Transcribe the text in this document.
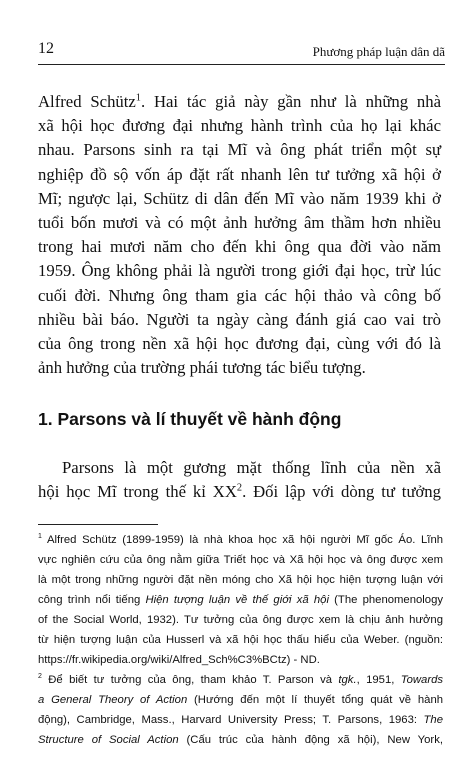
12	Phương pháp luận dân dã
Alfred Schütz$^1$. Hai tác giả này gần như là những nhà
xã hội học đương đại nhưng hành trình của họ lại khác
nhau. Parsons sinh ra tại Mĩ và ông phát triển một sự
nghiệp đồ sộ vốn áp đặt rất nhanh lên tư tưởng xã hội ở
Mĩ; ngược lại, Schütz di dân đến Mĩ vào năm 1939 khi ở
tuổi bốn mươi và có một ảnh hưởng âm thầm hơn nhiều
trong hai mươi năm cho đến khi ông qua đời vào năm
1959. Ông không phải là người trong giới đại học, trừ lúc
cuối đời. Nhưng ông tham gia các hội thảo và công bố
nhiều bài báo. Người ta ngày càng đánh giá cao vai trò
của ông trong nền xã hội học đương đại, cùng với đó là
ảnh hưởng của trường phái tương tác biểu tượng.
1. Parsons và lí thuyết về hành động
Parsons là một gương mặt thống lĩnh của nền xã
hội học Mĩ trong thế kỉ $XX^2$. Đối lập với dòng tư tưởng
$^1$ Alfred Schütz (1899-1959) là nhà khoa học xã hội người Mĩ gốc Áo. Lĩnh
vực nghiên cứu của ông nằm giữa Triết học và Xã hội học và ông được xem
là một trong những người đặt nền móng cho Xã hội học hiện tượng luận với
công trình nổi tiếng Hiện tượng luận về thế giới xã hội (The phenomenology
of the Social World, 1932). Tư tưởng của ông được xem là chịu ảnh hưởng
từ hiện tượng luận của Husserl và xã hội học thấu hiểu của Weber. (nguồn:
https://fr.wikipedia.org/wiki/Alfred_Sch%C3%BCtz) - ND.
$^2$ Để biết tư tưởng của ông, tham khảo T. Parson và tgk., 1951, Towards
a General Theory of Action (Hướng đến một lí thuyết tổng quát về hành
động), Cambridge, Mass., Harvard University Press; T. Parsons, 1963: The
Structure of Social Action (Cấu trúc của hành động xã hội), New York,
